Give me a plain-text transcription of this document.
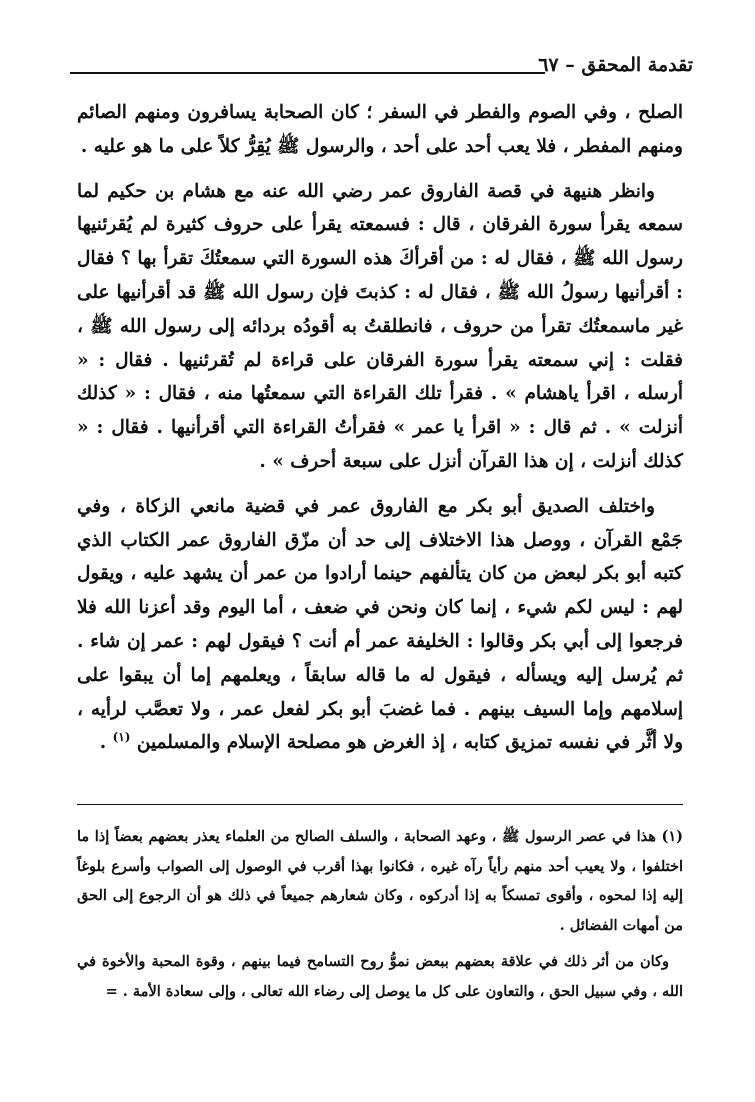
تقدمة المحقق – ٦٧

الصلح ، وفي الصوم والفطر في السفر ؛ كان الصحابة يسافرون ومنهم الصائم ومنهم المفطر ، فلا يعب أحد على أحد ، والرسول ﷺ يُقِرُّ كلاً على ما هو عليه .

وانظر هنيهة في قصة الفاروق عمر رضي الله عنه مع هشام بن حكيم لما سمعه يقرأ سورة الفرقان ، قال : فسمعته يقرأ على حروف كثيرة لم يُقرئنيها رسول الله ﷺ ، فقال له : من أقرأكَ هذه السورة التي سمعتُكَ تقرأ بها ؟ فقال : أقرأنيها رسولُ الله ﷺ ، فقال له : كذبتَ فإن رسول الله ﷺ قد أقرأنيها على غير ماسمعتُك تقرأ من حروف ، فانطلقتُ به أقودُه بردائه إلى رسول الله ﷺ ، فقلت : إني سمعته يقرأ سورة الفرقان على قراءة لم تُقرئنيها . فقال : « أرسله ، اقرأ ياهشام » . فقرأ تلك القراءة التي سمعتُها منه ، فقال : « كذلك أنزلت » . ثم قال : « اقرأ يا عمر » فقرأتُ القراءة التي أقرأنيها . فقال : « كذلك أنزلت ، إن هذا القرآن أنزل على سبعة أحرف » .

واختلف الصديق أبو بكر مع الفاروق عمر في قضية مانعي الزكاة ، وفي جَمْع القرآن ، ووصل هذا الاختلاف إلى حد أن مزّق الفاروق عمر الكتاب الذي كتبه أبو بكر لبعض من كان يتألفهم حينما أرادوا من عمر أن يشهد عليه ، ويقول لهم : ليس لكم شيء ، إنما كان ونحن في ضعف ، أما اليوم وقد أعزنا الله فلا فرجعوا إلى أبي بكر وقالوا : الخليفة عمر أم أنت ؟ فيقول لهم : عمر إن شاء . ثم يُرسل إليه ويسأله ، فيقول له ما قاله سابقاً ، ويعلمهم إما أن يبقوا على إسلامهم وإما السيف بينهم . فما غضبَ أبو بكر لفعل عمر ، ولا تعصَّب لرأيه ، ولا أثَّر في نفسه تمزيق كتابه ، إذ الغرض هو مصلحة الإسلام والمسلمين $^{(١)}$ .

(١) هذا في عصر الرسول ﷺ ، وعهد الصحابة ، والسلف الصالح من العلماء يعذر بعضهم بعضاً إذا ما اختلفوا ، ولا يعيب أحد منهم رأياً رآه غيره ، فكانوا بهذا أقرب في الوصول إلى الصواب وأسرع بلوغاً إليه إذا لمحوه ، وأقوى تمسكاً به إذا أدركوه ، وكان شعارهم جميعاً في ذلك هو أن الرجوع إلى الحق من أمهات الفضائل .

وكان من أثر ذلك في علاقة بعضهم ببعض نموُّ روح التسامح فيما بينهم ، وقوة المحبة والأخوة في الله ، وفي سبيل الحق ، والتعاون على كل ما يوصل إلى رضاء الله تعالى ، وإلى سعادة الأمة . =
